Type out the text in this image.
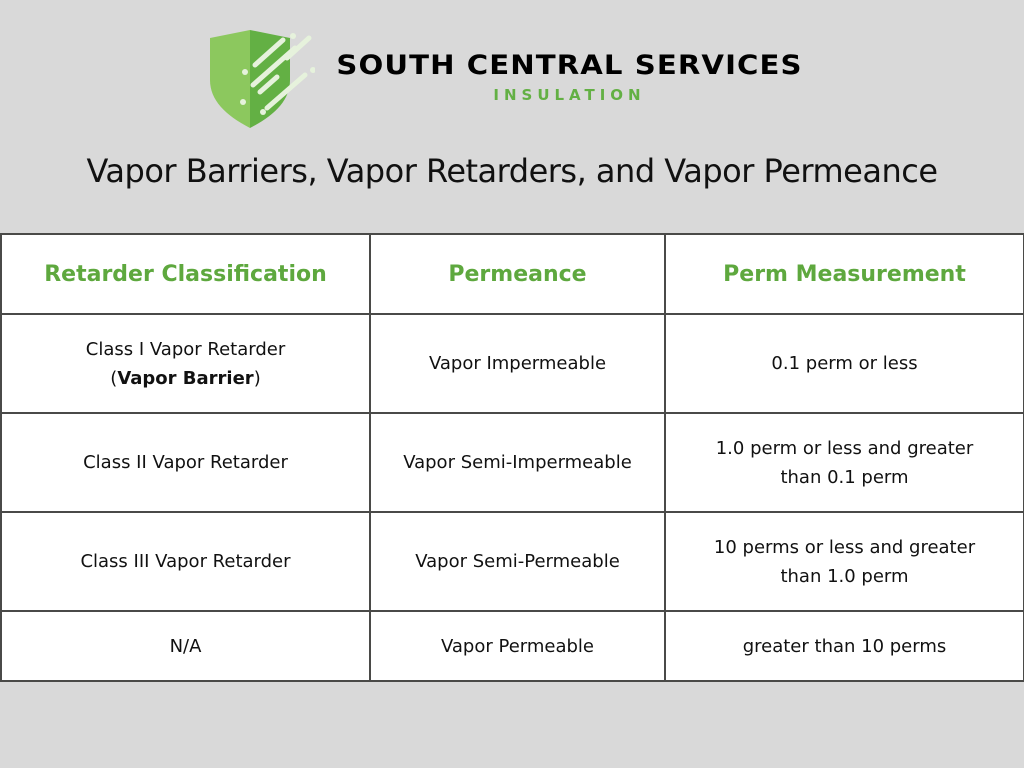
SOUTH CENTRAL SERVICES
INSULATION
Vapor Barriers, Vapor Retarders, and Vapor Permeance
Retarder Classification	Permeance	Perm Measurement
Class I Vapor Retarder
(Vapor Barrier)	Vapor Impermeable	0.1 perm or less
Class II Vapor Retarder	Vapor Semi-Impermeable	1.0 perm or less and greater
than 0.1 perm
Class III Vapor Retarder	Vapor Semi-Permeable	10 perms or less and greater
than 1.0 perm
N/A	Vapor Permeable	greater than 10 perms
